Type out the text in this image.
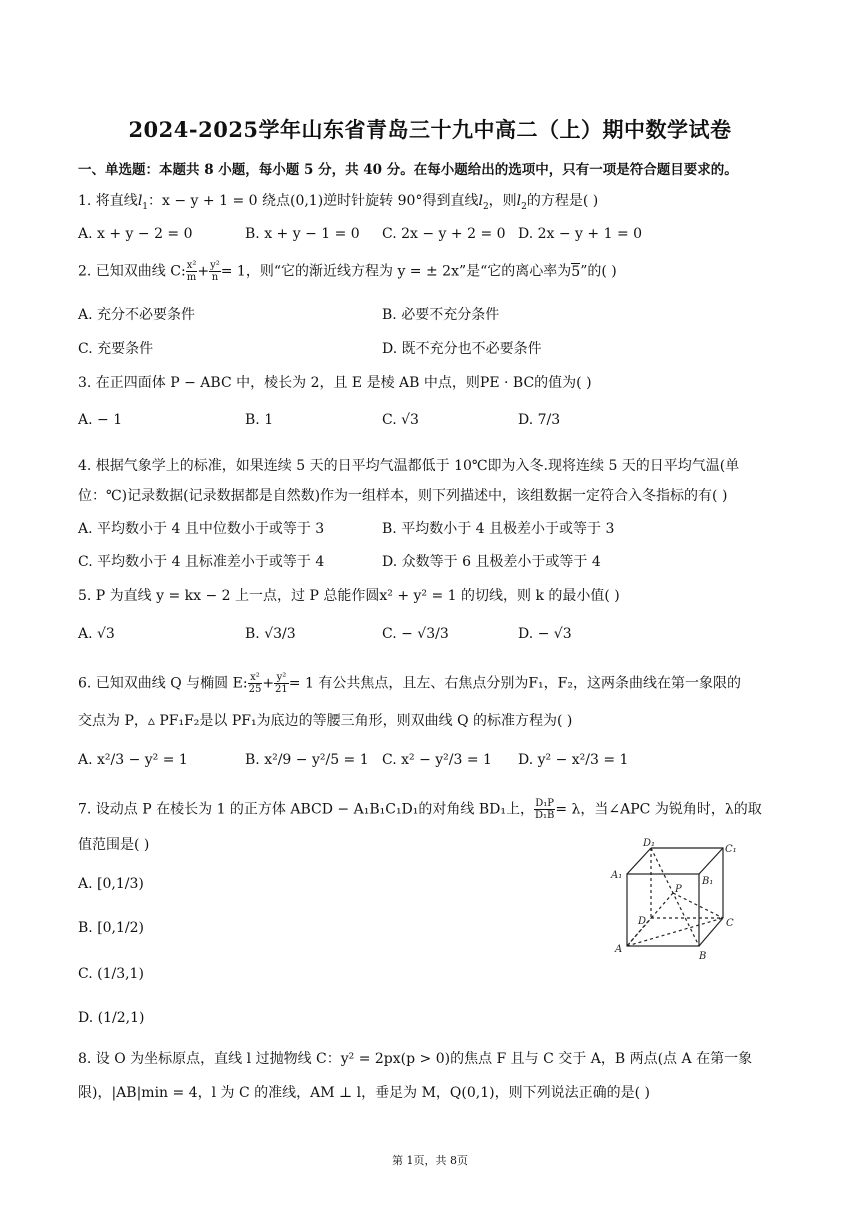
2024-2025学年山东省青岛三十九中高二（上）期中数学试卷
一、单选题：本题共 8 小题，每小题 5 分，共 40 分。在每小题给出的选项中，只有一项是符合题目要求的。
1. 将直线$l_1$：x − y + 1 = 0 绕点(0,1)逆时针旋转 90°得到直线$l_2$，则$l_2$的方程是( )
A. x + y − 2 = 0	B. x + y − 1 = 0 C. 2x − y + 2 = 0 D. 2x − y + 1 = 0
2. 已知双曲线 C: $\frac{\text{x²}}{m} + \frac{\text{y²}}{n} = 1$，则“它的渐近线方程为 y = ± 2x”是“它的离心率为5”的( )
A. 充分不必要条件	B. 必要不充分条件
C. 充要条件	D. 既不充分也不必要条件
3. 在正四面体 P − ABC 中，棱长为 2，且 E 是棱 AB 中点，则PE · BC的值为( )
A. − 1	B. 1	C. √3	D. 7/3
4. 根据气象学上的标准，如果连续 5 天的日平均气温都低于 10℃即为入冬.现将连续 5 天的日平均气温(单
位：℃)记录数据(记录数据都是自然数)作为一组样本，则下列描述中，该组数据一定符合入冬指标的有( )
A. 平均数小于 4 且中位数小于或等于 3	B. 平均数小于 4 且极差小于或等于 3
C. 平均数小于 4 且标准差小于或等于 4	D. 众数等于 6 且极差小于或等于 4
5. P 为直线 y = kx − 2 上一点，过 P 总能作圆x² + y² = 1 的切线，则 k 的最小值( )
A. √3	B. √3/3	C. − √3/3	D. − √3
6. 已知双曲线 Q 与椭圆 E: $\frac{\text{x²}}{25} + \frac{\text{y²}}{21} = 1$ 有公共焦点，且左、右焦点分别为F₁，F₂，这两条曲线在第一象限的
交点为 P，▵ PF₁F₂是以 PF₁为底边的等腰三角形，则双曲线 Q 的标准方程为( )
A. x²/3 − y² = 1	B. x²/9 − y²/5 = 1 C. x² − y²/3 = 1 D. y² − x²/3 = 1
7. 设动点 P 在棱长为 1 的正方体 ABCD − A₁B₁C₁D₁的对角线 BD₁上， $\frac{\text{D₁P}}{\text{D₁B}} = \lambda$，当∠APC 为锐角时，λ的取
值范围是( )
A. [0,1/3)
B. [0,1/2)
C. (1/3,1)
D. (1/2,1)
D₁
C₁
A₁
B₁
P
D	C
A
B
8. 设 O 为坐标原点，直线 l 过抛物线 C：y² = 2px(p > 0)的焦点 F 且与 C 交于 A，B 两点(点 A 在第一象
限)，|AB|min = 4，l 为 C 的准线，AM ⊥ l，垂足为 M，Q(0,1)，则下列说法正确的是( )
第 1页，共 8页
